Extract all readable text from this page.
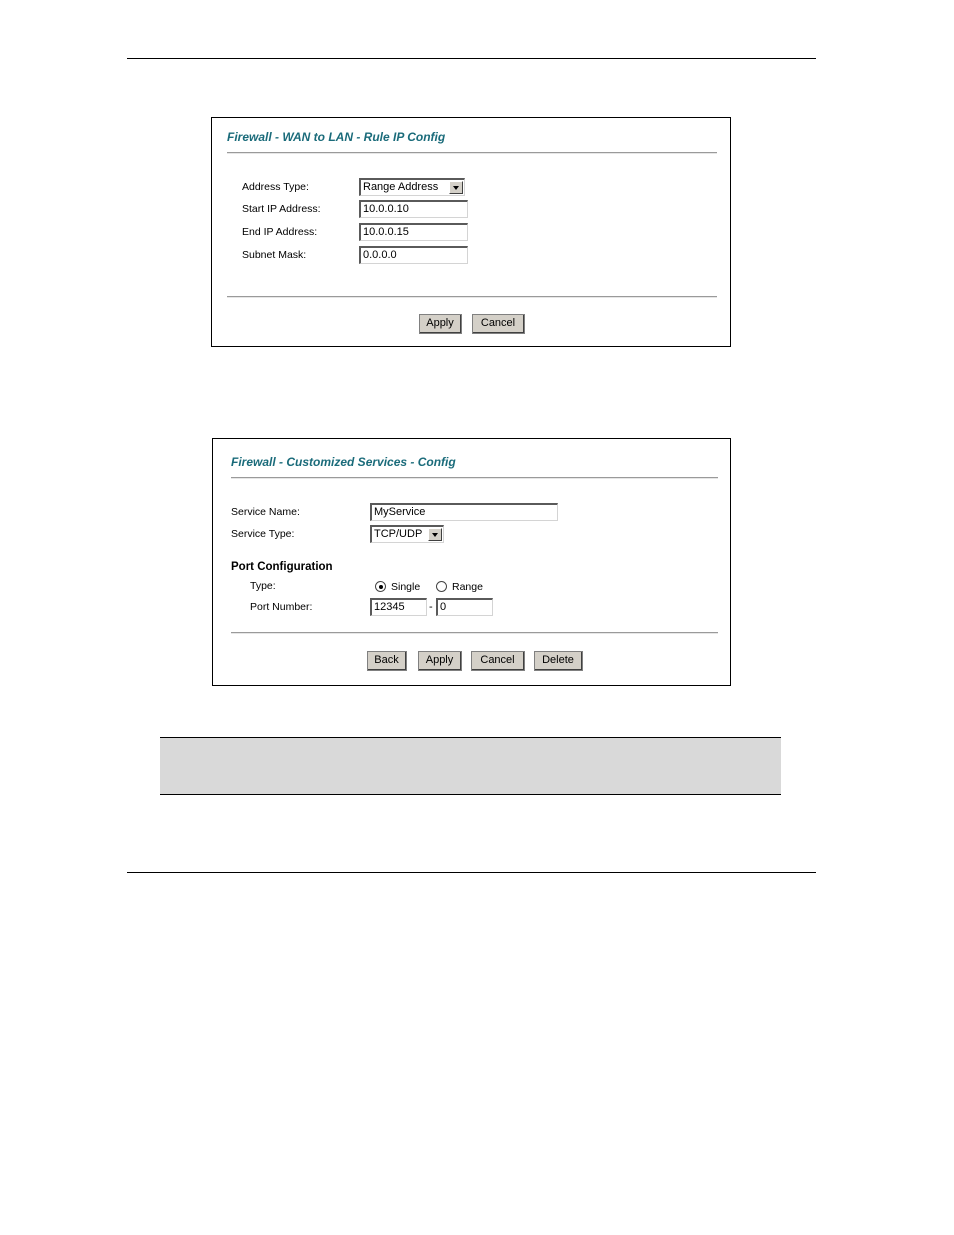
Firewall - WAN to LAN - Rule IP Config
Address Type:	Range Address
Start IP Address:	10.0.0.10
End IP Address:	10.0.0.15
Subnet Mask:	0.0.0.0
Apply	Cancel
Firewall - Customized Services - Config
Service Name:	MyService
Service Type:	TCP/UDP
Port Configuration
Type:	Single	Range
Port Number:	12345	- 0
Back	Apply	Cancel	Delete
